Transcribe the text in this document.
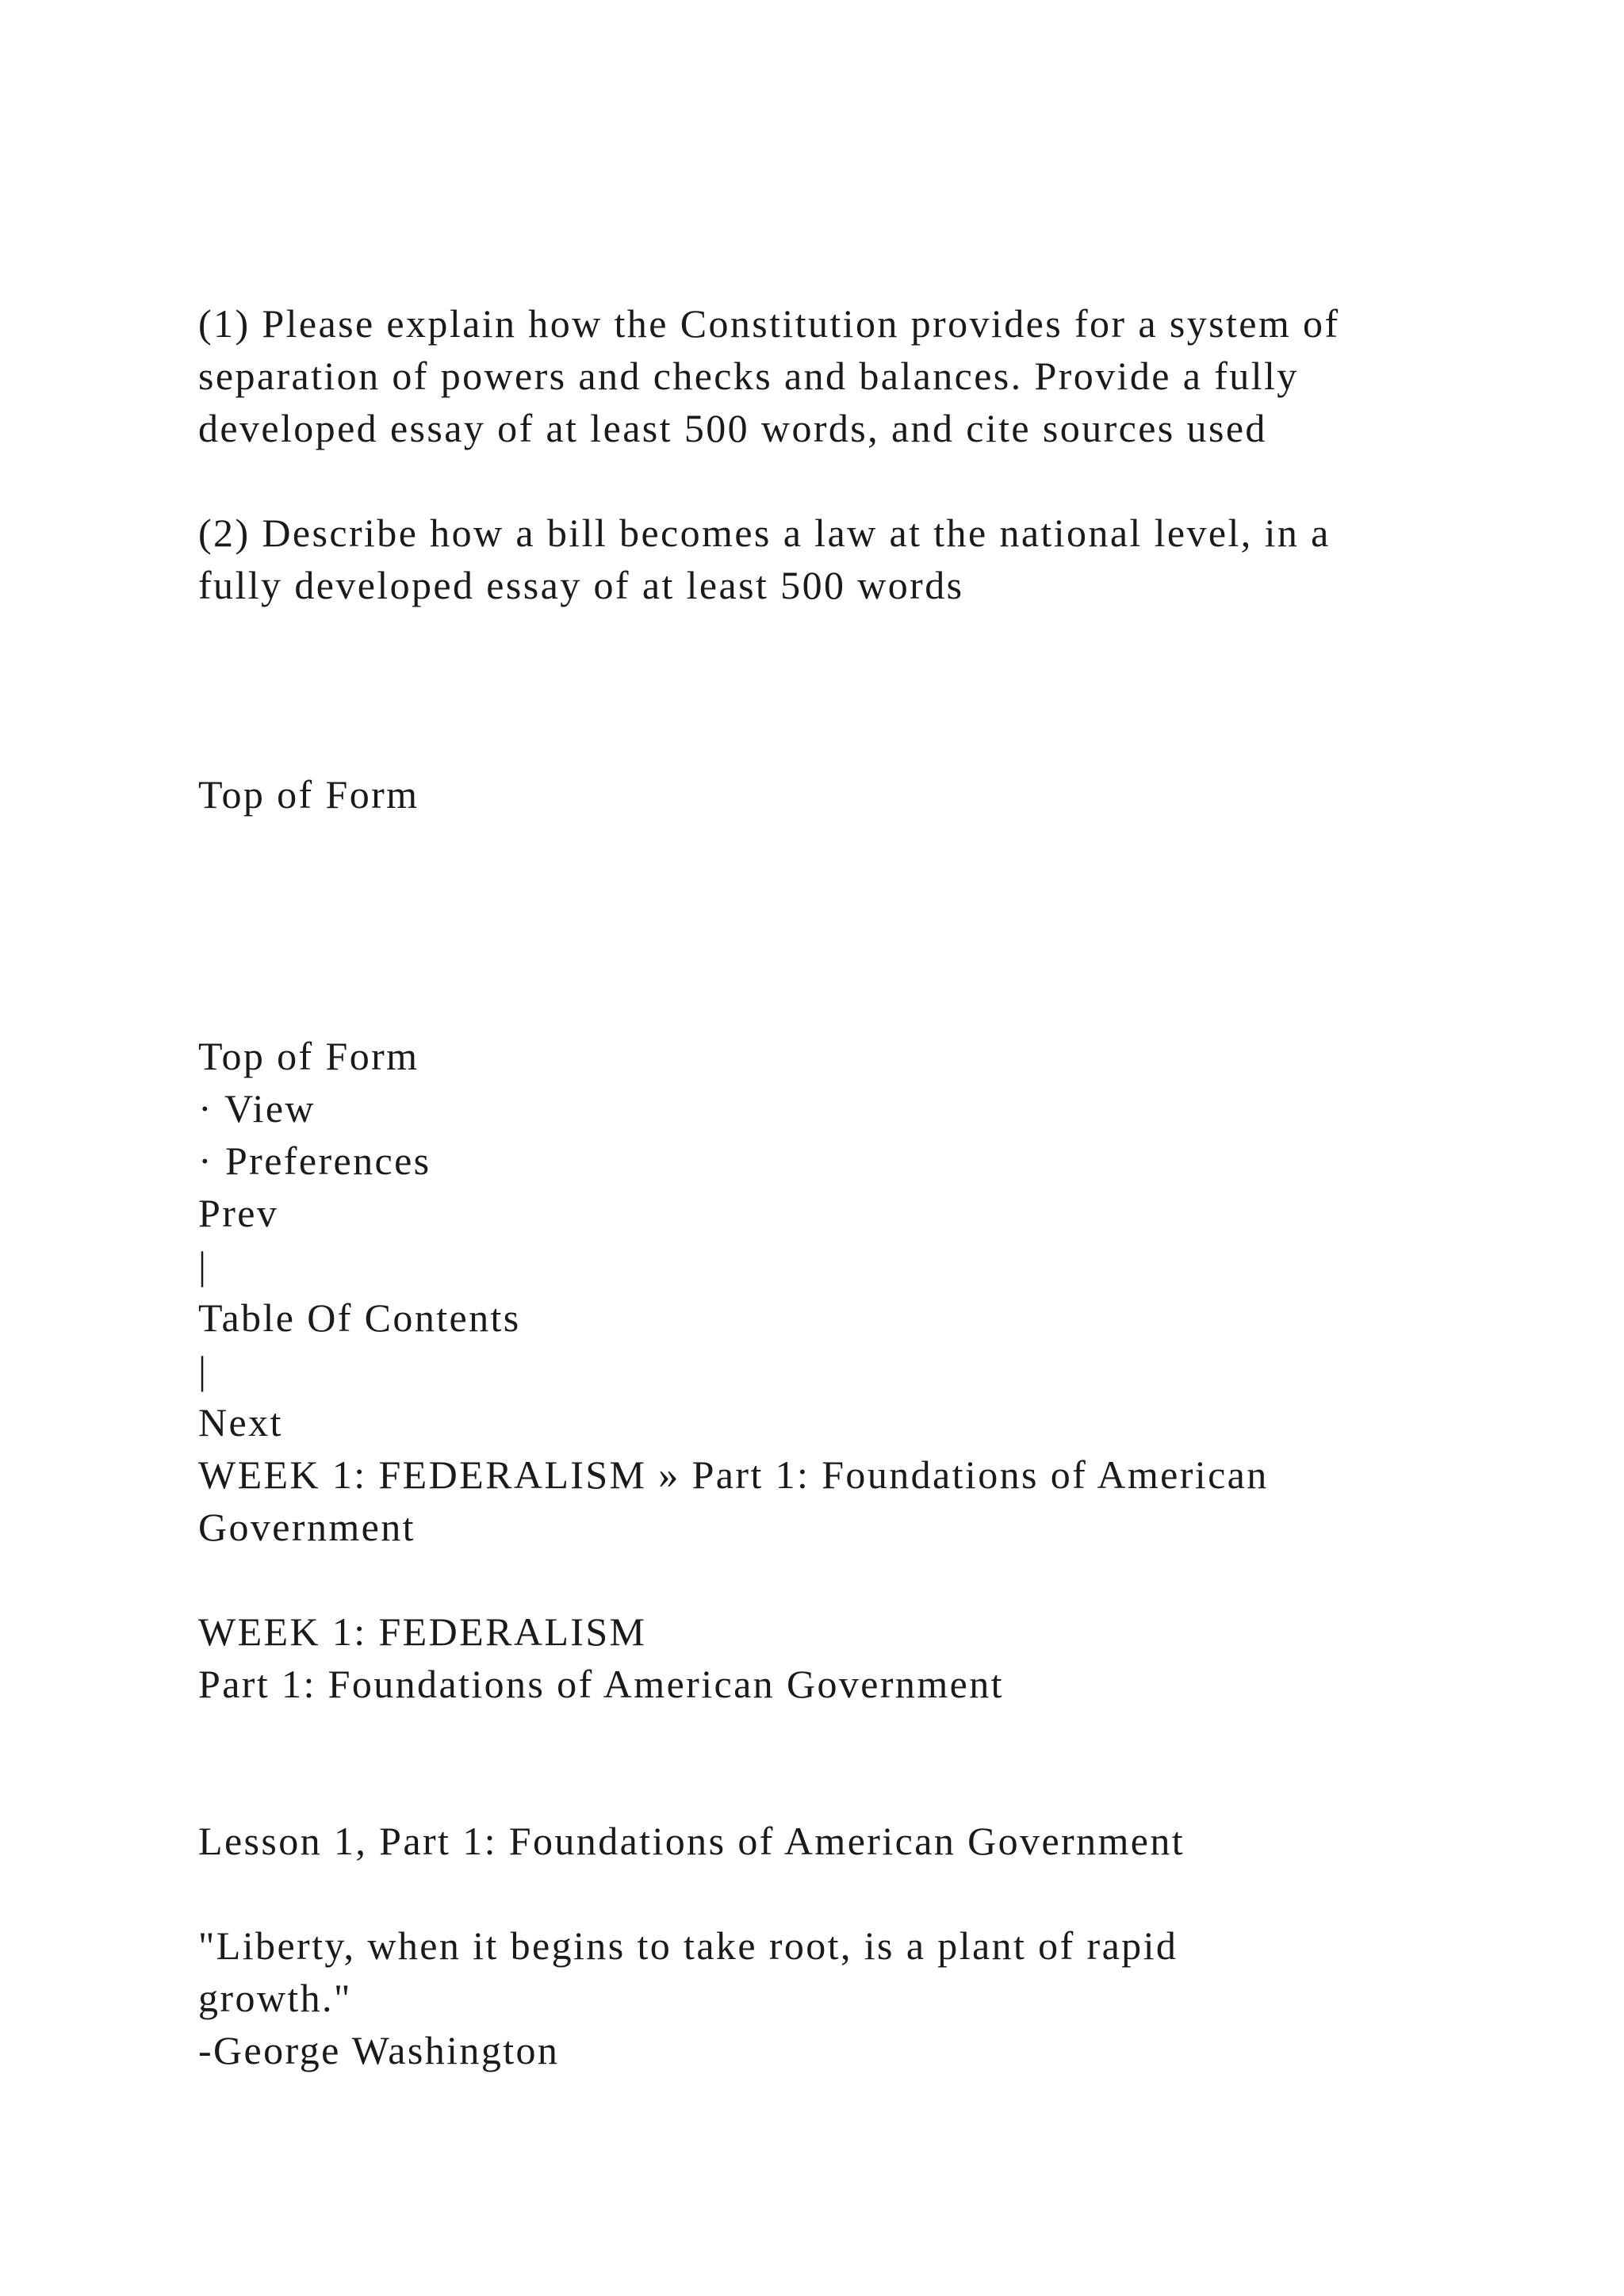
(1) Please explain how the Constitution provides for a system of
separation of powers and checks and balances. Provide a fully
developed essay of at least 500 words, and cite sources used
(2) Describe how a bill becomes a law at the national level, in a
fully developed essay of at least 500 words
Top of Form
Top of Form
· View
· Preferences
Prev
|
Table Of Contents
|
Next
WEEK 1: FEDERALISM » Part 1: Foundations of American
Government
WEEK 1: FEDERALISM
Part 1: Foundations of American Government
Lesson 1, Part 1: Foundations of American Government
"Liberty, when it begins to take root, is a plant of rapid
growth."
-George Washington
